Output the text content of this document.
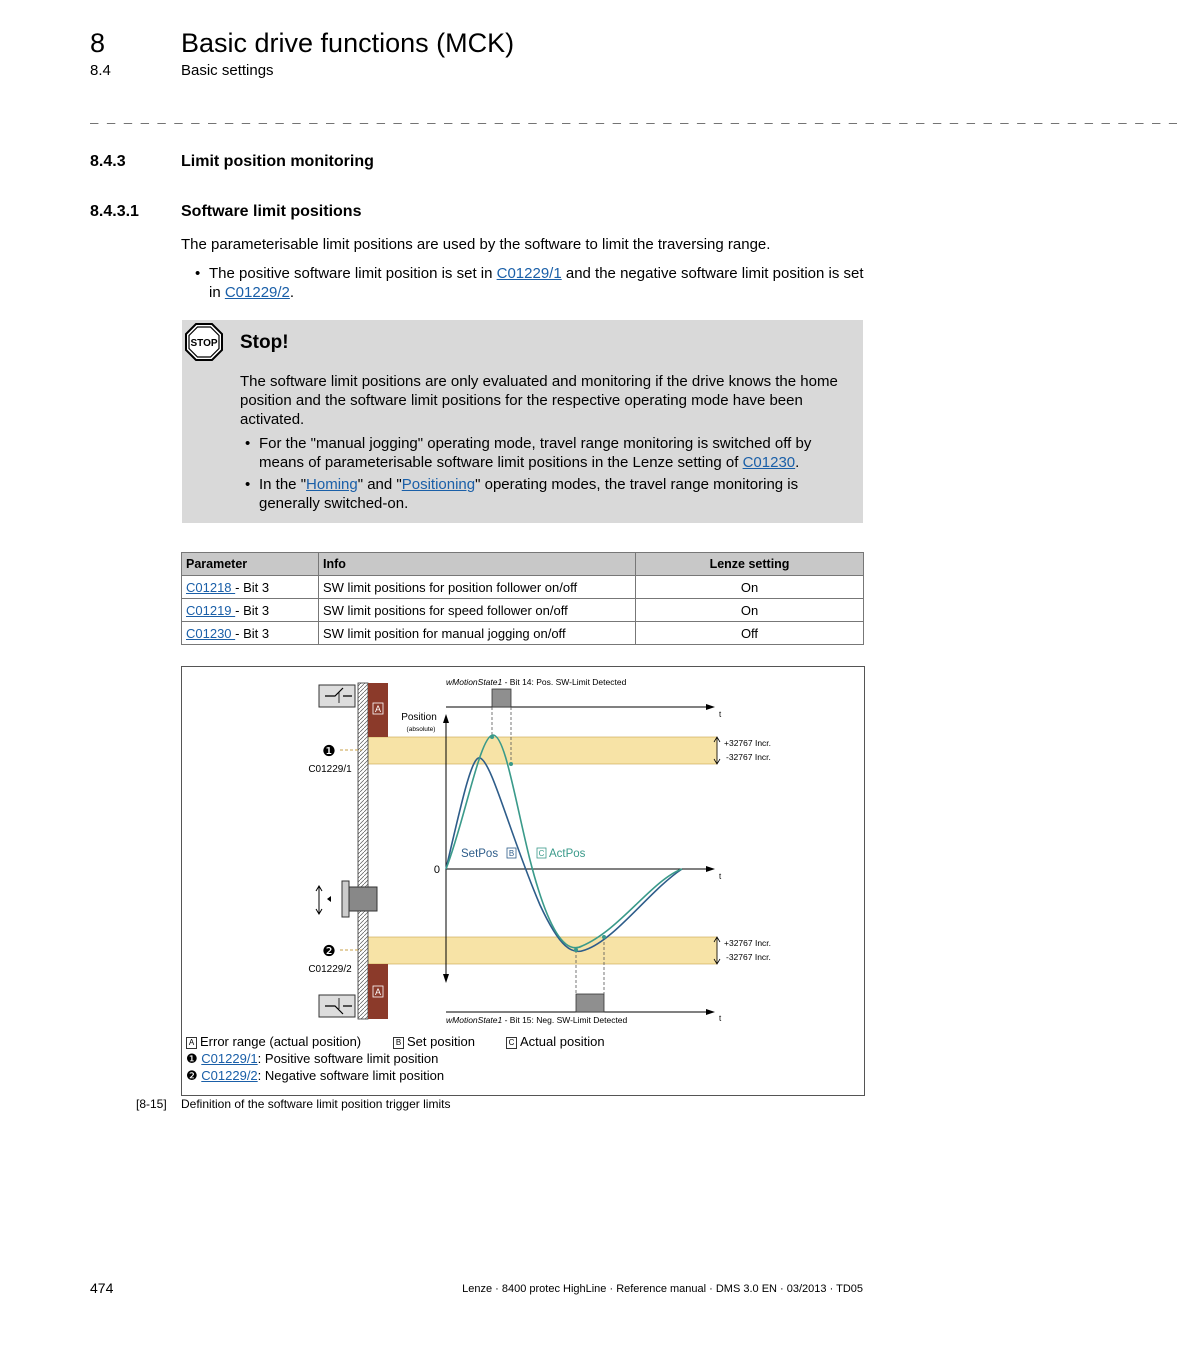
8	Basic drive functions (MCK)
8.4	Basic settings
_ _ _ _ _ _ _ _ _ _ _ _ _ _ _ _ _ _ _ _ _ _ _ _ _ _ _ _ _ _ _ _ _ _ _ _ _ _ _ _ _ _ _ _ _ _ _ _ _ _ _ _ _ _ _ _ _ _ _ _ _ _ _ _ _
8.4.3	Limit position monitoring
8.4.3.1	Software limit positions
The parameterisable limit positions are used by the software to limit the traversing range.
• The positive software limit position is set in C01229/1 and the negative software limit position is set in C01229/2.
STOP Stop!
The software limit positions are only evaluated and monitoring if the drive knows the home position and the software limit positions for the respective operating mode have been activated.
• For the "manual jogging" operating mode, travel range monitoring is switched off by means of parameterisable software limit positions in the Lenze setting of C01230.
• In the "Homing" and "Positioning" operating modes, the travel range monitoring is generally switched-on.
Parameter	Info	Lenze setting
C01218 - Bit 3	SW limit positions for position follower on/off	On
C01219 - Bit 3	SW limit positions for speed follower on/off	On
C01230 - Bit 3	SW limit position for manual jogging on/off	Off
A
A
❶
❷
C01229/1
C01229/2
+32767 Incr.
-32767 Incr.
+32767 Incr.
-32767 Incr.
Position
(absolute)
0
t
wMotionState1 - Bit 14: Pos. SW-Limit Detected
t
t
wMotionState1 - Bit 15: Neg. SW-Limit Detected
SetPos B	C ActPos
A Error range (actual position)	B Set position	C Actual position
❶ C01229/1: Positive software limit position
❷ C01229/2: Negative software limit position
[8-15] Definition of the software limit position trigger limits
474	Lenze · 8400 protec HighLine · Reference manual · DMS 3.0 EN · 03/2013 · TD05
